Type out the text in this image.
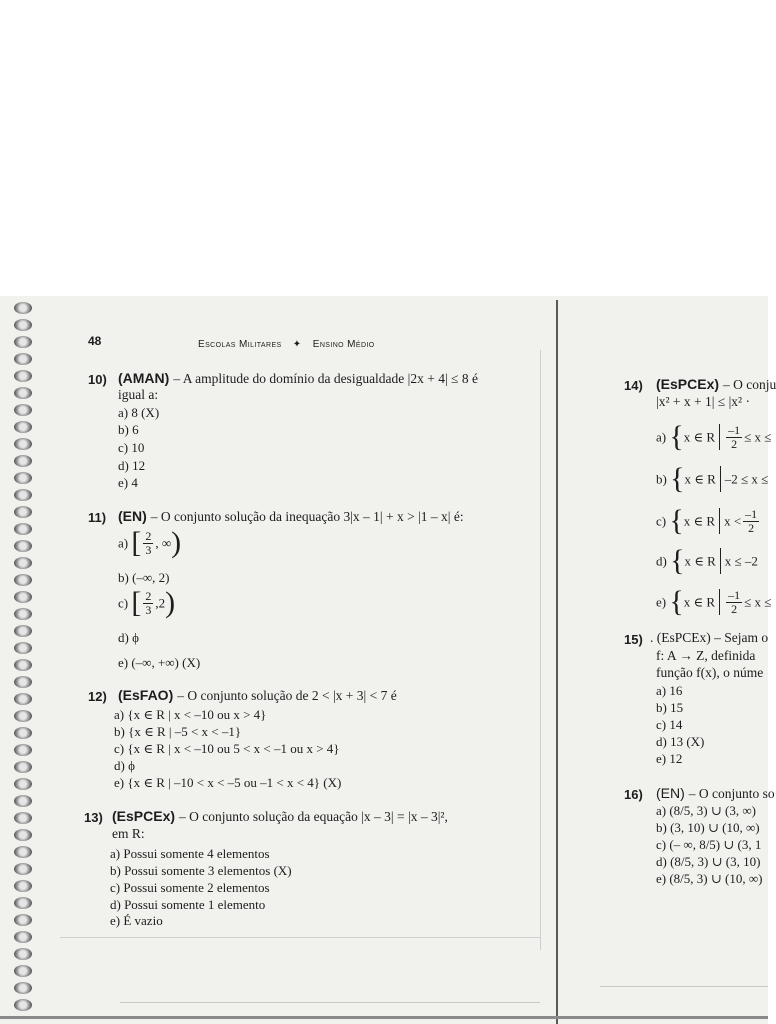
48	Escolas Militares ✦ Ensino Médio
10) (AMAN) – A amplitude do domínio da desigualdade |2x + 4| ≤ 8 é
igual a:
a) 8 (X)
b) 6
c) 10
d) 12
e) 4
11) (EN) – O conjunto solução da inequação 3|x – 1| + x > |1 – x| é:
a) [ $\frac{2}{3}$ , ∞)
b) (–∞, 2)
c) [ $\frac{2}{3} ,2$)
d) ϕ
e) (–∞, +∞) (X)
12) (EsFAO) – O conjunto solução de 2 < |x + 3| < 7 é
a) {x ∈ R | x < –10 ou x > 4}
b) {x ∈ R | –5 < x < –1}
c) {x ∈ R | x < –10 ou 5 < x < –1 ou x > 4}
d) ϕ
e) {x ∈ R | –10 < x < –5 ou –1 < x < 4} (X)
13) (EsPCEx) – O conjunto solução da equação |x – 3| = |x – 3|²,
em R:
a) Possui somente 4 elementos
b) Possui somente 3 elementos (X)
c) Possui somente 2 elementos
d) Possui somente 1 elemento
e) É vazio
14) (EsPCEx) – O conju
|x² + x + 1| ≤ |x² ·
a) {x ∈ R $\frac{-1}{2} \le x$ ≤
b) {x ∈ R –2 ≤ x ≤
c) {x ∈ R $x < \frac{-1}{2}$
d) {x ∈ R x ≤ –2
e) {x ∈ R $\frac{-1}{2} \le x$ ≤
15) . (EsPCEx) – Sejam o
f: A → Z, definida
função f(x), o núme
a) 16
b) 15
c) 14
d) 13 (X)
e) 12
16) (EN) – O conjunto so
a) (8/5, 3) ∪ (3, ∞)
b) (3, 10) ∪ (10, ∞)
c) (– ∞, 8/5) ∪ (3, 1
d) (8/5, 3) ∪ (3, 10)
e) (8/5, 3) ∪ (10, ∞)
